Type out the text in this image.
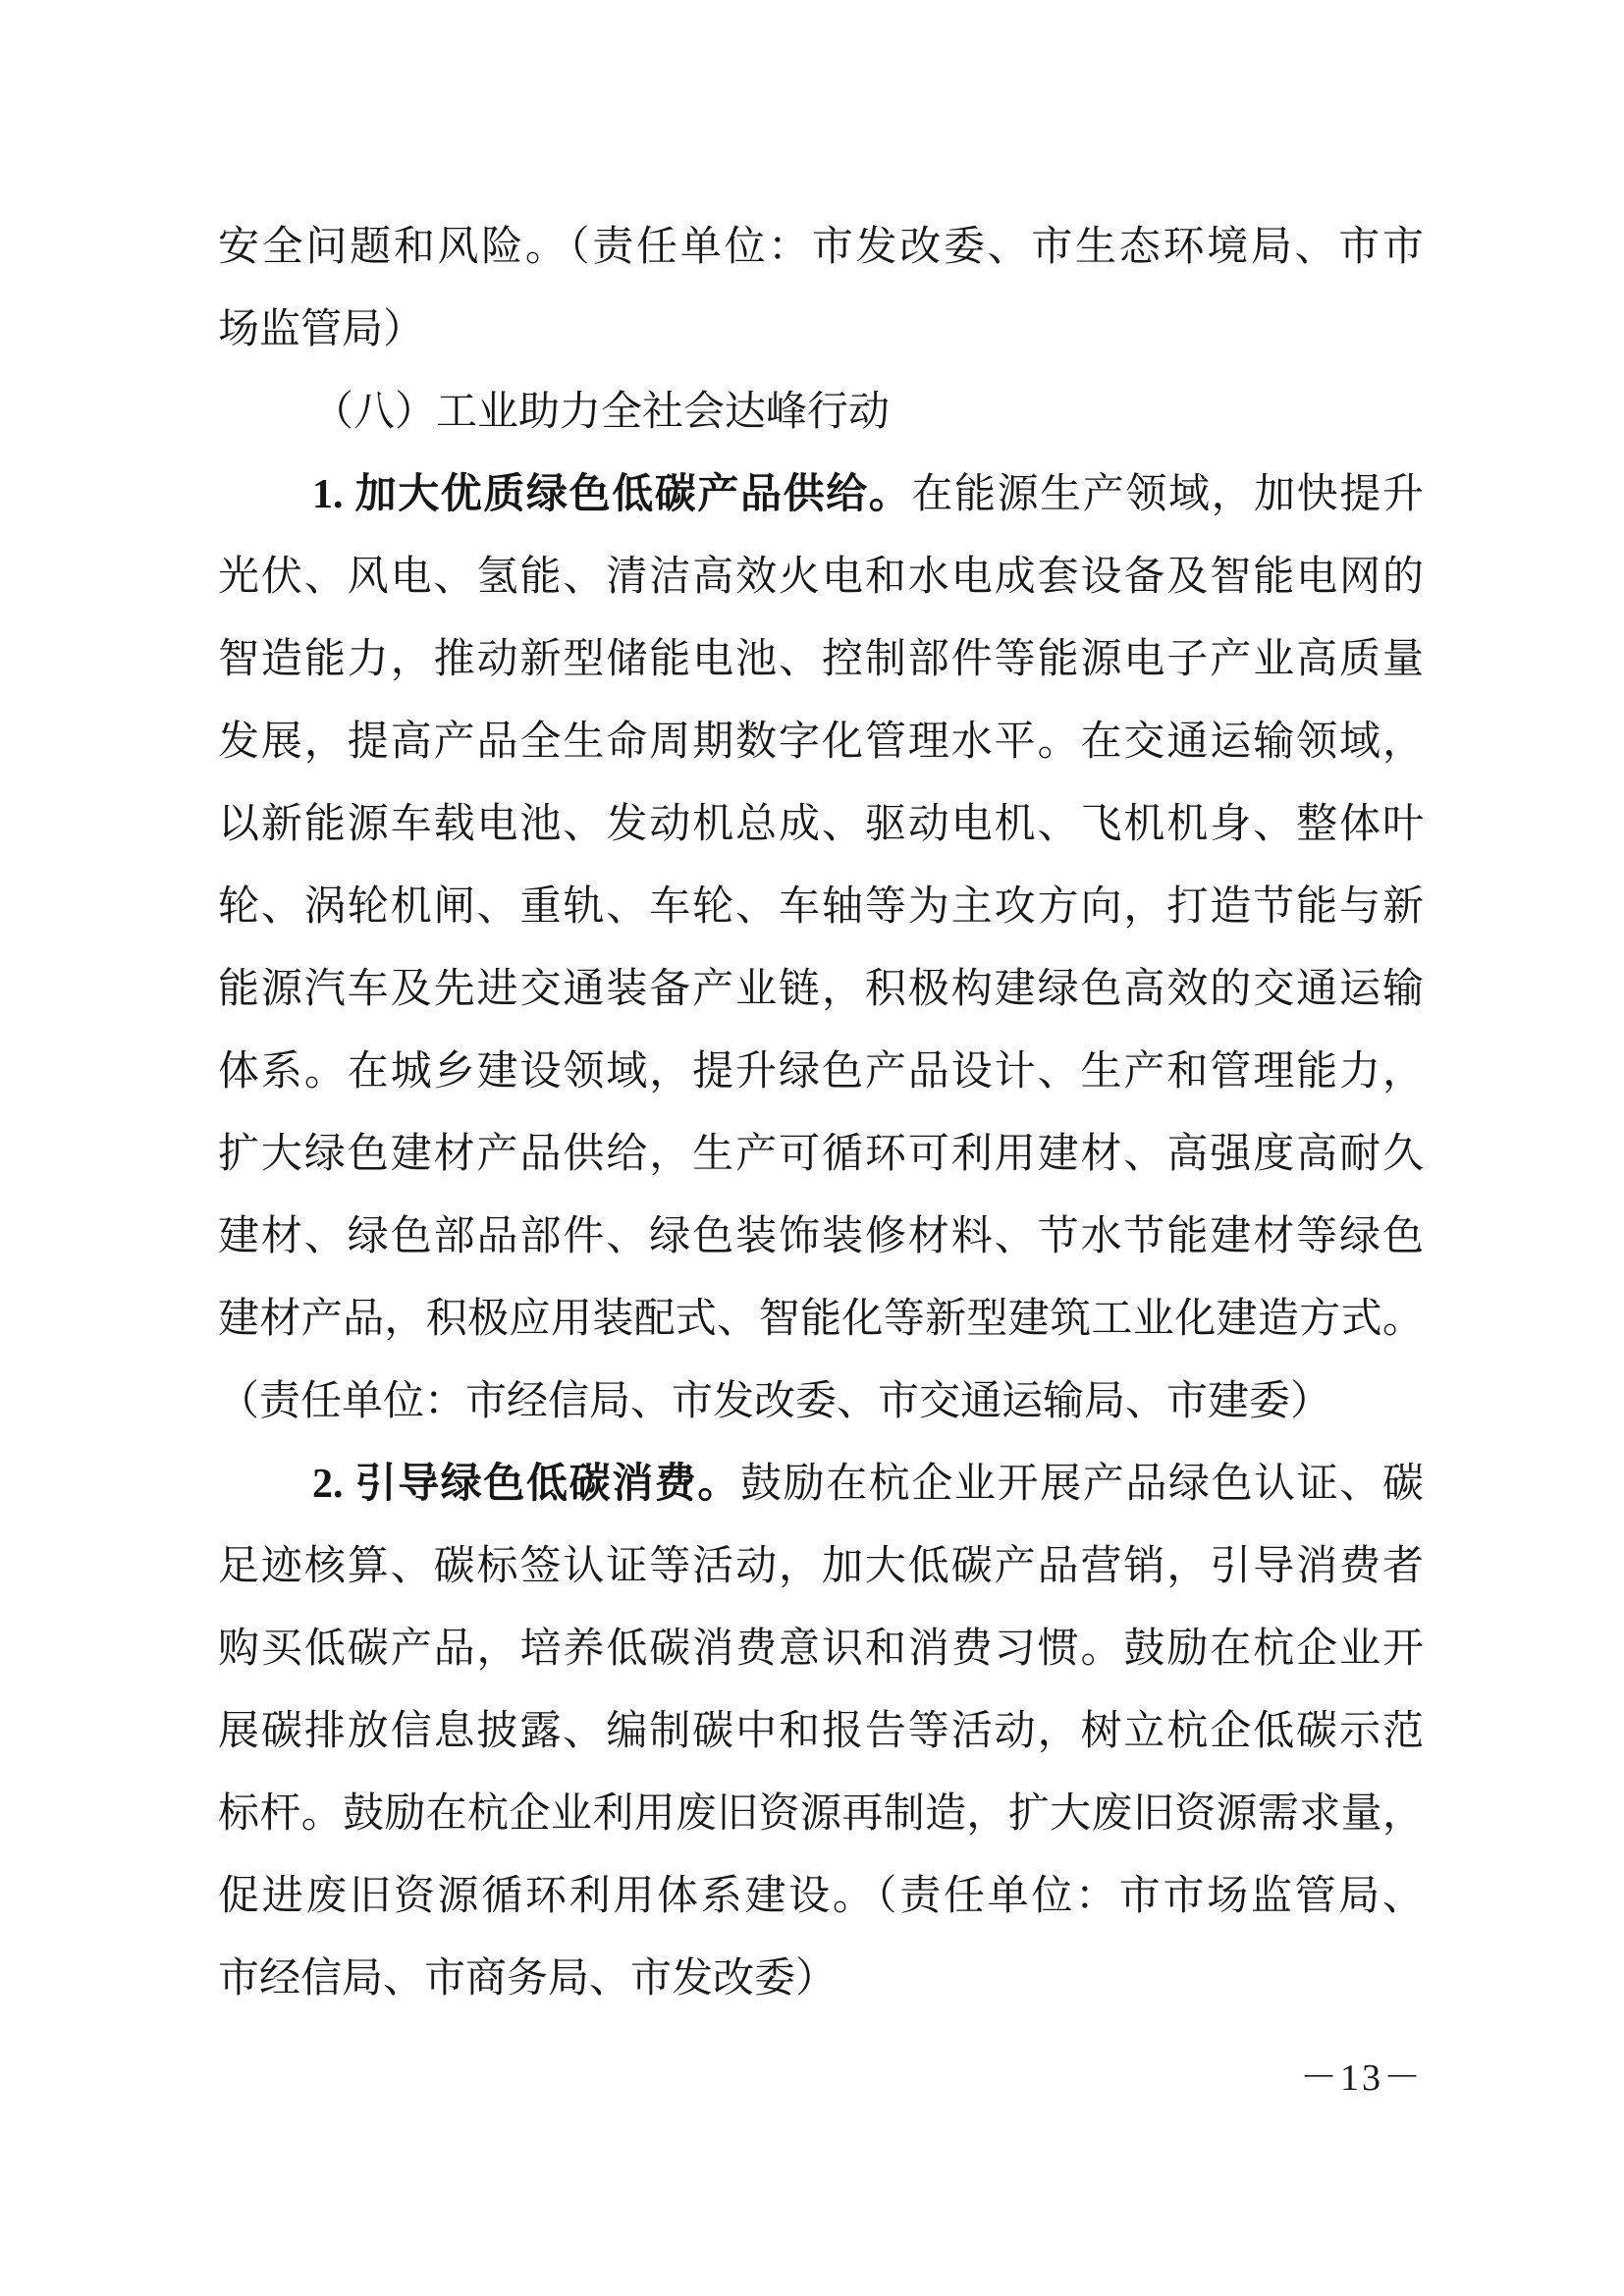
安全问题和风险。（责任单位：市发改委、市生态环境局、市市
场监管局）
（八）工业助力全社会达峰行动
1. 加大优质绿色低碳产品供给。在能源生产领域，加快提升
光伏、风电、氢能、清洁高效火电和水电成套设备及智能电网的
智造能力，推动新型储能电池、控制部件等能源电子产业高质量
发展，提高产品全生命周期数字化管理水平。在交通运输领域，
以新能源车载电池、发动机总成、驱动电机、飞机机身、整体叶
轮、涡轮机闸、重轨、车轮、车轴等为主攻方向，打造节能与新
能源汽车及先进交通装备产业链，积极构建绿色高效的交通运输
体系。在城乡建设领域，提升绿色产品设计、生产和管理能力，
扩大绿色建材产品供给，生产可循环可利用建材、高强度高耐久
建材、绿色部品部件、绿色装饰装修材料、节水节能建材等绿色
建材产品，积极应用装配式、智能化等新型建筑工业化建造方式。
（责任单位：市经信局、市发改委、市交通运输局、市建委）
2. 引导绿色低碳消费。鼓励在杭企业开展产品绿色认证、碳
足迹核算、碳标签认证等活动，加大低碳产品营销，引导消费者
购买低碳产品，培养低碳消费意识和消费习惯。鼓励在杭企业开
展碳排放信息披露、编制碳中和报告等活动，树立杭企低碳示范
标杆。鼓励在杭企业利用废旧资源再制造，扩大废旧资源需求量，
促进废旧资源循环利用体系建设。（责任单位：市市场监管局、
市经信局、市商务局、市发改委）
－13－
